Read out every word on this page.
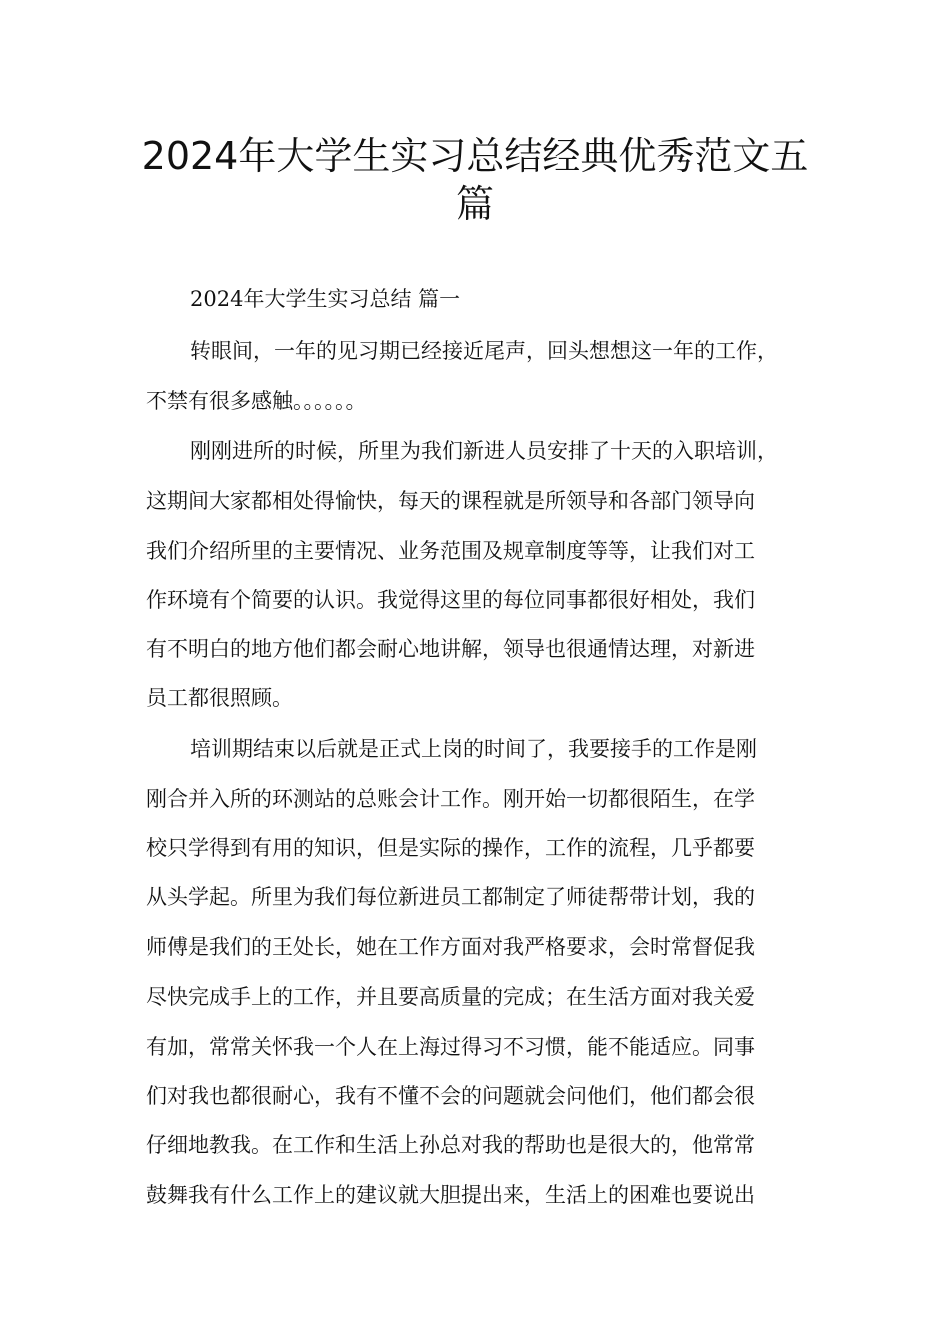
2024年大学生实习总结经典优秀范文五
篇
2024年大学生实习总结 篇一
转眼间，一年的见习期已经接近尾声，回头想想这一年的工作，
不禁有很多感触。。。。。。
刚刚进所的时候，所里为我们新进人员安排了十天的入职培训，
这期间大家都相处得愉快，每天的课程就是所领导和各部门领导向
我们介绍所里的主要情况、业务范围及规章制度等等，让我们对工
作环境有个简要的认识。我觉得这里的每位同事都很好相处，我们
有不明白的地方他们都会耐心地讲解，领导也很通情达理，对新进
员工都很照顾。
培训期结束以后就是正式上岗的时间了，我要接手的工作是刚
刚合并入所的环测站的总账会计工作。刚开始一切都很陌生，在学
校只学得到有用的知识，但是实际的操作，工作的流程，几乎都要
从头学起。所里为我们每位新进员工都制定了师徒帮带计划，我的
师傅是我们的王处长，她在工作方面对我严格要求，会时常督促我
尽快完成手上的工作，并且要高质量的完成；在生活方面对我关爱
有加，常常关怀我一个人在上海过得习不习惯，能不能适应。同事
们对我也都很耐心，我有不懂不会的问题就会问他们，他们都会很
仔细地教我。在工作和生活上孙总对我的帮助也是很大的，他常常
鼓舞我有什么工作上的建议就大胆提出来，生活上的困难也要说出
